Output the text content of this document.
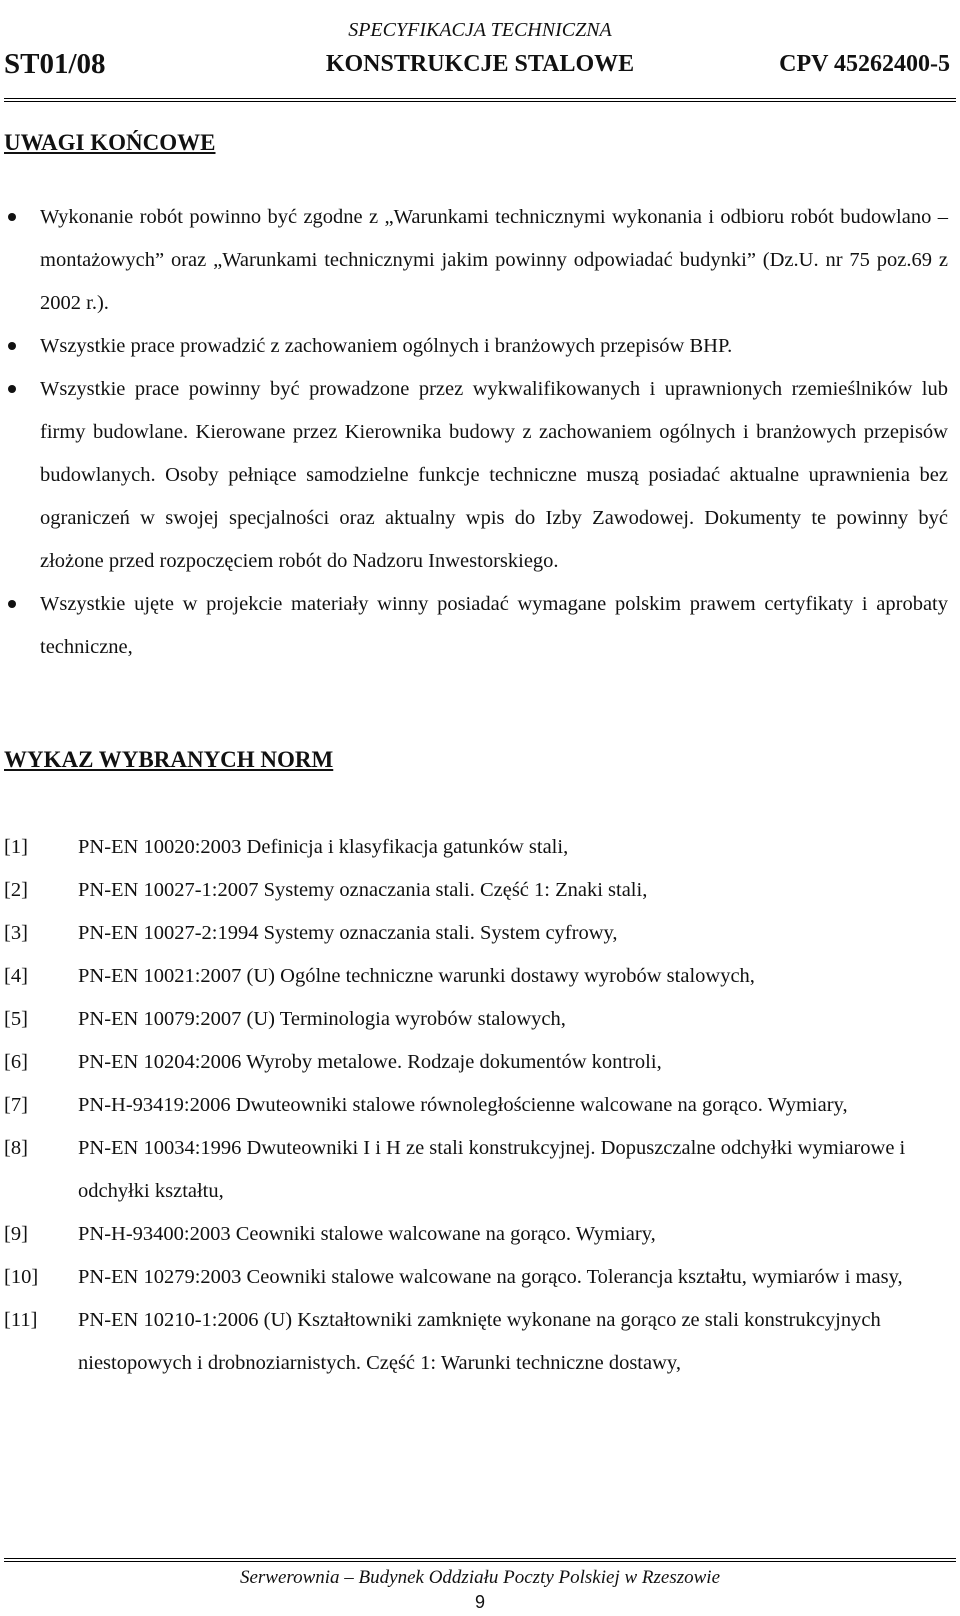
SPECYFIKACJA TECHNICZNA
ST01/08	KONSTRUKCJE STALOWE	CPV 45262400-5
UWAGI KOŃCOWE
Wykonanie robót powinno być zgodne z „Warunkami technicznymi wykonania i odbioru robót budowlano – montażowych” oraz „Warunkami technicznymi jakim powinny odpowiadać budynki” (Dz.U. nr 75 poz.69 z 2002 r.).
Wszystkie prace prowadzić z zachowaniem ogólnych i branżowych przepisów BHP.
Wszystkie prace powinny być prowadzone przez wykwalifikowanych i uprawnionych rzemieślników lub firmy budowlane. Kierowane przez Kierownika budowy z zachowaniem ogólnych i branżowych przepisów budowlanych. Osoby pełniące samodzielne funkcje techniczne muszą posiadać aktualne uprawnienia bez ograniczeń w swojej specjalności oraz aktualny wpis do Izby Zawodowej. Dokumenty te powinny być złożone przed rozpoczęciem robót do Nadzoru Inwestorskiego.
Wszystkie ujęte w projekcie materiały winny posiadać wymagane polskim prawem certyfikaty i aprobaty techniczne,
WYKAZ WYBRANYCH NORM
[1]	PN-EN 10020:2003 Definicja i klasyfikacja gatunków stali,
[2]	PN-EN 10027-1:2007 Systemy oznaczania stali. Część 1: Znaki stali,
[3]	PN-EN 10027-2:1994 Systemy oznaczania stali. System cyfrowy,
[4]	PN-EN 10021:2007 (U) Ogólne techniczne warunki dostawy wyrobów stalowych,
[5]	PN-EN 10079:2007 (U) Terminologia wyrobów stalowych,
[6]	PN-EN 10204:2006 Wyroby metalowe. Rodzaje dokumentów kontroli,
[7]	PN-H-93419:2006 Dwuteowniki stalowe równoległościenne walcowane na gorąco. Wymiary,
[8]	PN-EN 10034:1996 Dwuteowniki I i H ze stali konstrukcyjnej. Dopuszczalne odchyłki wymiarowe i odchyłki kształtu,
[9]	PN-H-93400:2003 Ceowniki stalowe walcowane na gorąco. Wymiary,
[10]	PN-EN 10279:2003 Ceowniki stalowe walcowane na gorąco. Tolerancja kształtu, wymiarów i masy,
[11]	PN-EN 10210-1:2006 (U) Kształtowniki zamknięte wykonane na gorąco ze stali konstrukcyjnych niestopowych i drobnoziarnistych. Część 1: Warunki techniczne dostawy,
Serwerownia – Budynek Oddziału Poczty Polskiej w Rzeszowie
9
